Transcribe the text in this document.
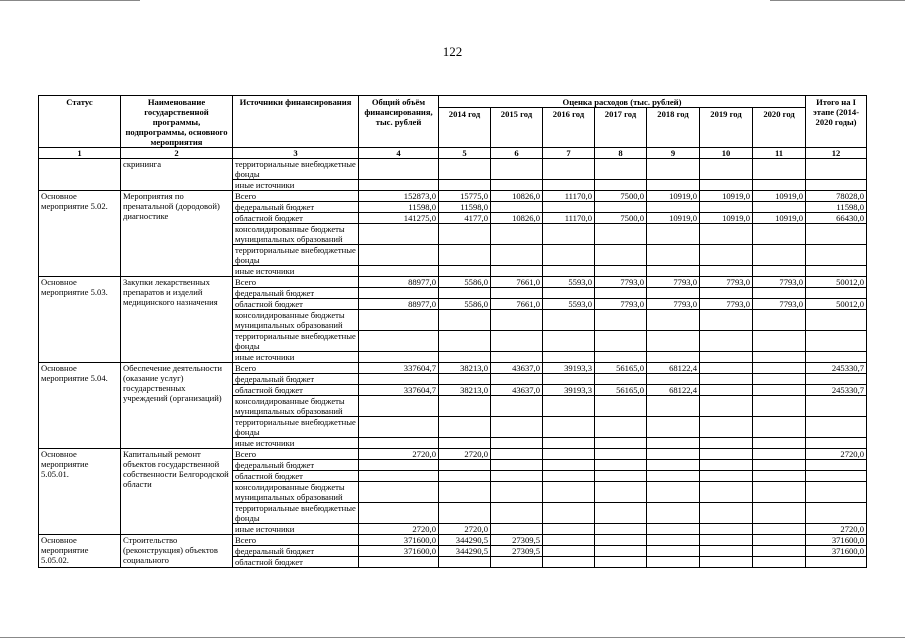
122
Статус	Наименование государственной программы, подпрограммы, основного мероприятия	Источники финансирования	Общий объём финансирования, тыс. рублей	Оценка расходов (тыс. рублей)							Итого на I этапе (2014-2020 годы)
				2014 год	2015 год	2016 год	2017 год	2018 год	2019 год	2020 год	
1	2	3	4	5	6	7	8	9	10	11	12
	скрининга	территориальные внебюджетные фонды									
		иные источники									
Основное мероприятие 5.02.	Мероприятия по пренатальной (дородовой) диагностике	Всего	152873,0	15775,0	10826,0	11170,0	7500,0	10919,0	10919,0	10919,0	78028,0
		федеральный бюджет	11598,0	11598,0							11598,0
		областной бюджет	141275,0	4177,0	10826,0	11170,0	7500,0	10919,0	10919,0	10919,0	66430,0
		консолидированные бюджеты муниципальных образований									
		территориальные внебюджетные фонды									
		иные источники									
Основное мероприятие 5.03.	Закупки лекарственных препаратов и изделий медицинского назначения	Всего	88977,0	5586,0	7661,0	5593,0	7793,0	7793,0	7793,0	7793,0	50012,0
		федеральный бюджет									
		областной бюджет	88977,0	5586,0	7661,0	5593,0	7793,0	7793,0	7793,0	7793,0	50012,0
		консолидированные бюджеты муниципальных образований									
		территориальные внебюджетные фонды									
		иные источники									
Основное мероприятие 5.04.	Обеспечение деятельности (оказание услуг) государственных учреждений (организаций)	Всего	337604,7	38213,0	43637,0	39193,3	56165,0	68122,4			245330,7
		федеральный бюджет									
		областной бюджет	337604,7	38213,0	43637,0	39193,3	56165,0	68122,4			245330,7
		консолидированные бюджеты муниципальных образований									
		территориальные внебюджетные фонды									
		иные источники									
Основное мероприятие 5.05.01.	Капитальный ремонт объектов государственной собственности Белгородской области	Всего	2720,0	2720,0							2720,0
		федеральный бюджет									
		областной бюджет									
		консолидированные бюджеты муниципальных образований									
		территориальные внебюджетные фонды									
		иные источники	2720,0	2720,0							2720,0
Основное мероприятие 5.05.02.	Строительство (реконструкция) объектов социального	Всего	371600,0	344290,5	27309,5						371600,0
		федеральный бюджет	371600,0	344290,5	27309,5						371600,0
		областной бюджет									
